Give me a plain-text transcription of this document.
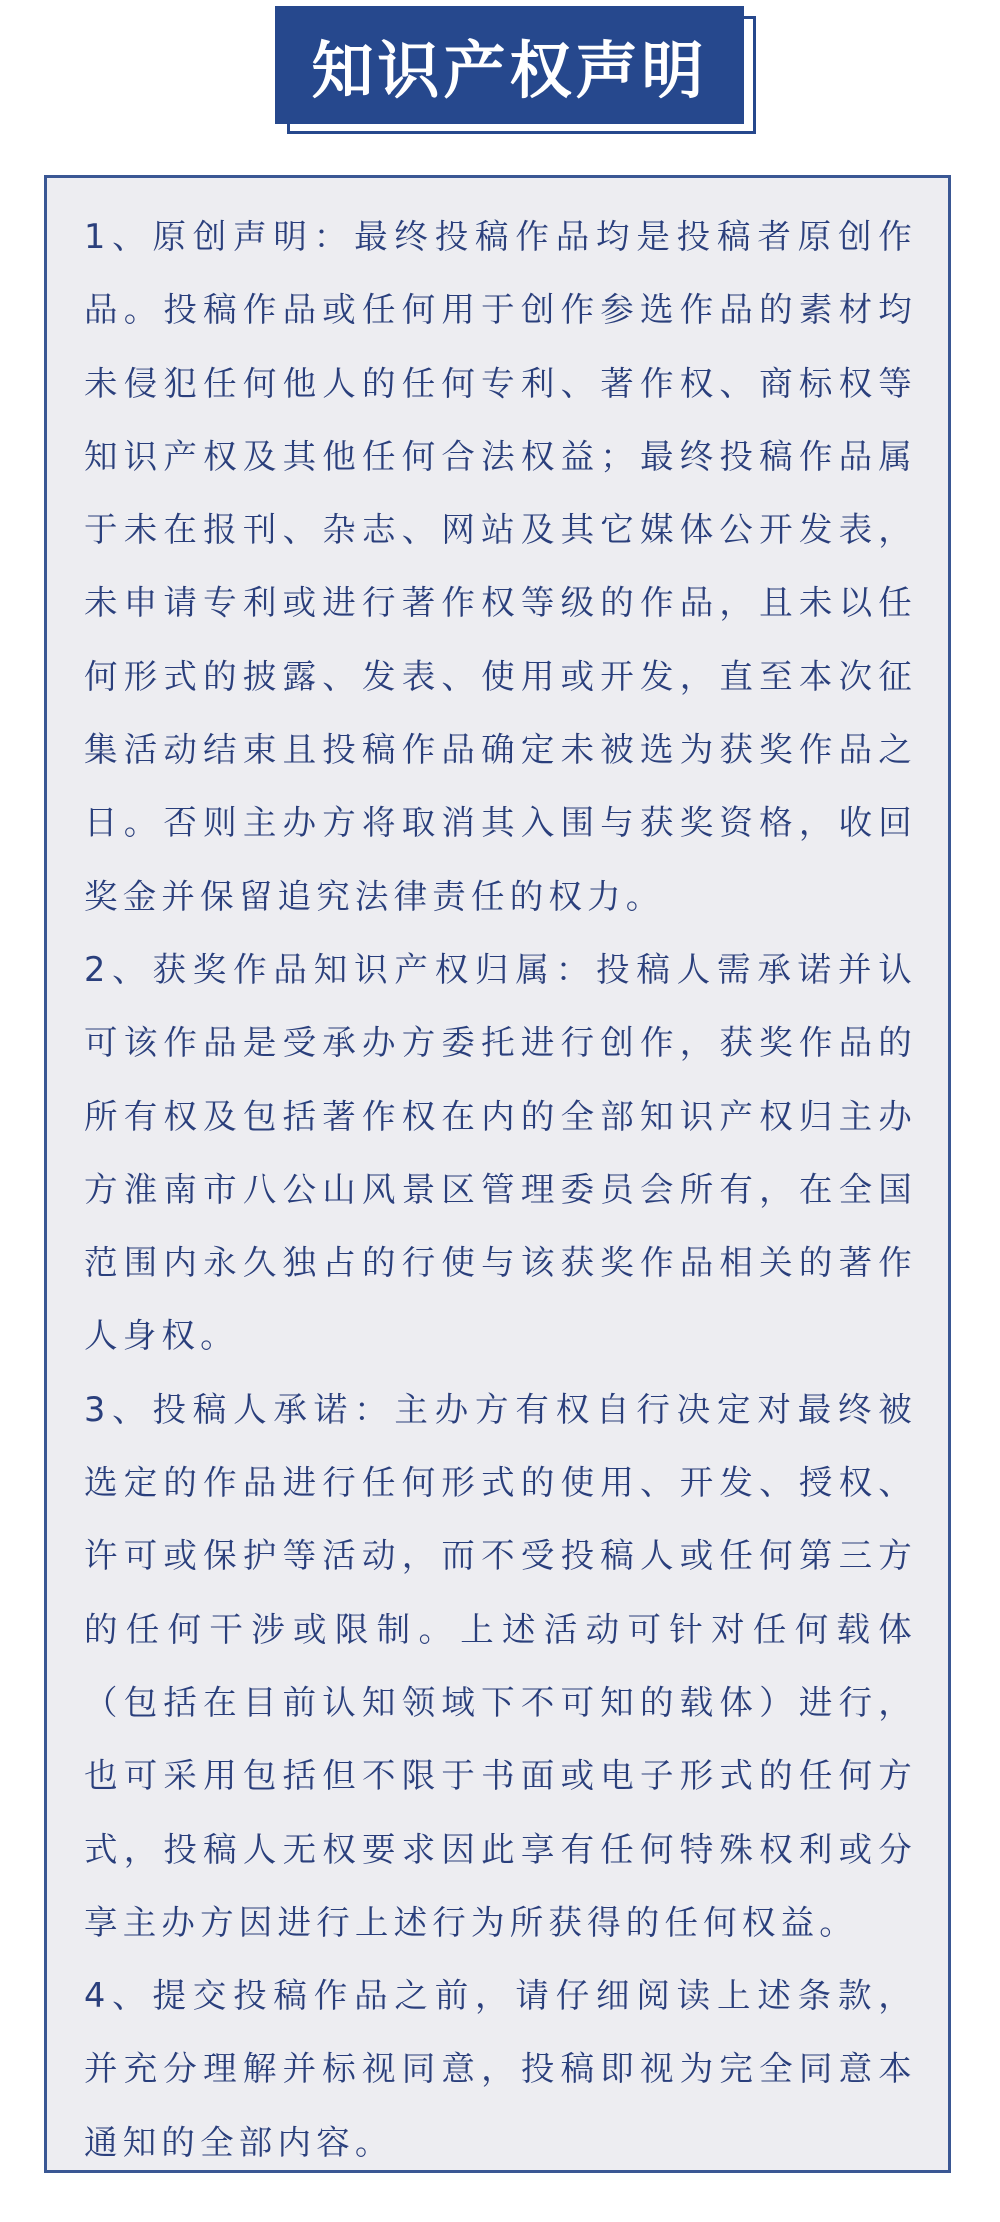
知识产权声明

1、原创声明：最终投稿作品均是投稿者原创作品。投稿作品或任何用于创作参选作品的素材均未侵犯任何他人的任何专利、著作权、商标权等知识产权及其他任何合法权益；最终投稿作品属于未在报刊、杂志、网站及其它媒体公开发表，未申请专利或进行著作权等级的作品，且未以任何形式的披露、发表、使用或开发，直至本次征集活动结束且投稿作品确定未被选为获奖作品之日。否则主办方将取消其入围与获奖资格，收回奖金并保留追究法律责任的权力。

2、获奖作品知识产权归属：投稿人需承诺并认可该作品是受承办方委托进行创作，获奖作品的所有权及包括著作权在内的全部知识产权归主办方淮南市八公山风景区管理委员会所有，在全国范围内永久独占的行使与该获奖作品相关的著作人身权。

3、投稿人承诺：主办方有权自行决定对最终被选定的作品进行任何形式的使用、开发、授权、许可或保护等活动，而不受投稿人或任何第三方的任何干涉或限制。上述活动可针对任何载体（包括在目前认知领域下不可知的载体）进行，也可采用包括但不限于书面或电子形式的任何方式，投稿人无权要求因此享有任何特殊权利或分享主办方因进行上述行为所获得的任何权益。

4、提交投稿作品之前，请仔细阅读上述条款，并充分理解并标视同意，投稿即视为完全同意本通知的全部内容。
